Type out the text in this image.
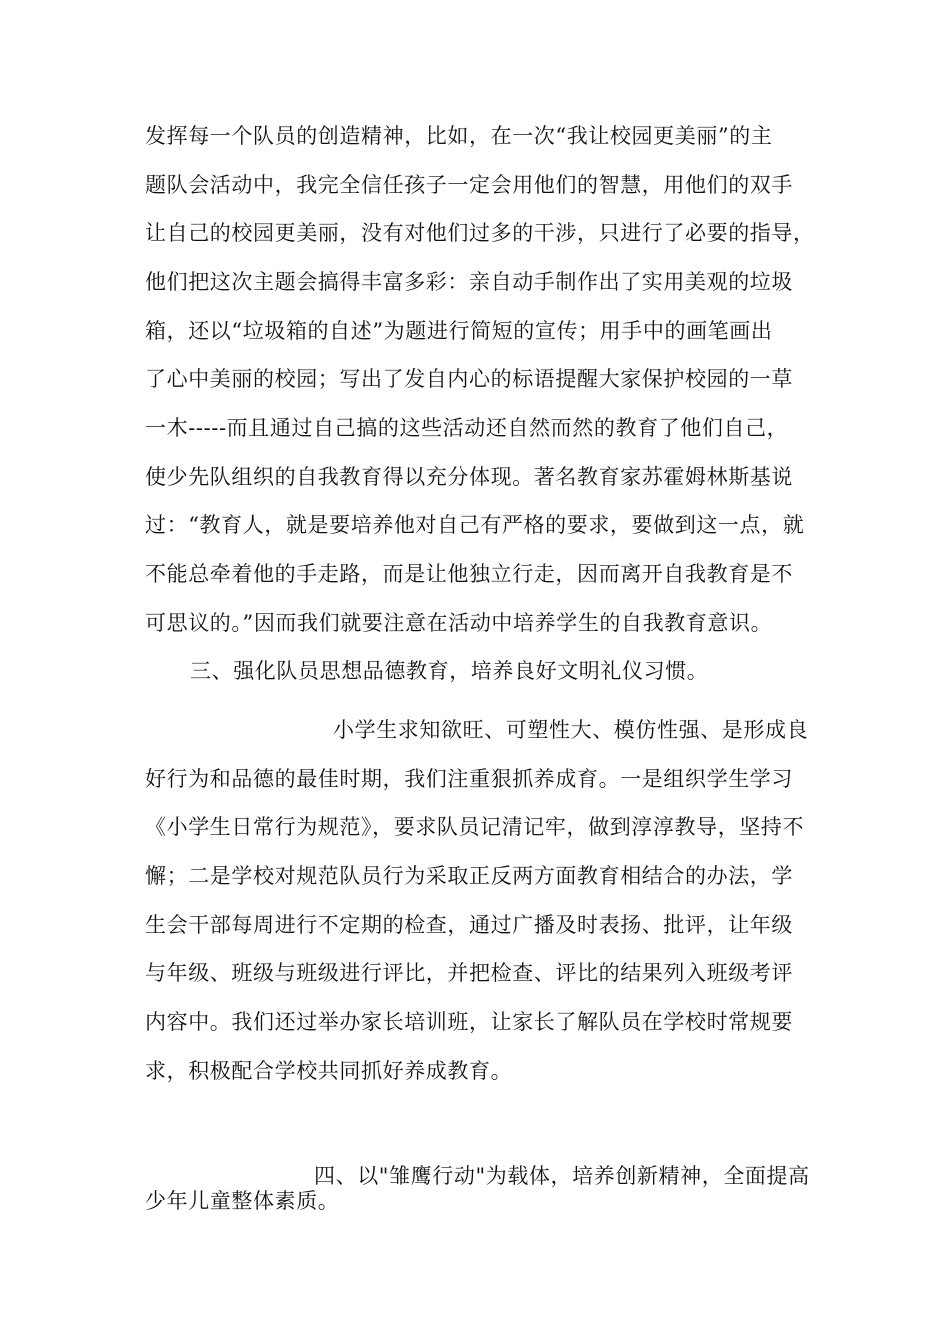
发挥每一个队员的创造精神，比如，在一次“我让校园更美丽”的主
题队会活动中，我完全信任孩子一定会用他们的智慧，用他们的双手
让自己的校园更美丽，没有对他们过多的干涉，只进行了必要的指导，
他们把这次主题会搞得丰富多彩：亲自动手制作出了实用美观的垃圾
箱，还以“垃圾箱的自述”为题进行简短的宣传；用手中的画笔画出
了心中美丽的校园；写出了发自内心的标语提醒大家保护校园的一草
一木-----而且通过自己搞的这些活动还自然而然的教育了他们自己，
使少先队组织的自我教育得以充分体现。著名教育家苏霍姆林斯基说
过：“教育人，就是要培养他对自己有严格的要求，要做到这一点，就
不能总牵着他的手走路，而是让他独立行走，因而离开自我教育是不
可思议的。”因而我们就要注意在活动中培养学生的自我教育意识。
三、强化队员思想品德教育，培养良好文明礼仪习惯。
小学生求知欲旺、可塑性大、模仿性强、是形成良
好行为和品德的最佳时期，我们注重狠抓养成育。一是组织学生学习
《小学生日常行为规范》，要求队员记清记牢，做到淳淳教导，坚持不
懈；二是学校对规范队员行为采取正反两方面教育相结合的办法，学
生会干部每周进行不定期的检查，通过广播及时表扬、批评，让年级
与年级、班级与班级进行评比，并把检查、评比的结果列入班级考评
内容中。我们还过举办家长培训班，让家长了解队员在学校时常规要
求，积极配合学校共同抓好养成教育。
四、以"雏鹰行动"为载体，培养创新精神，全面提高
少年儿童整体素质。
